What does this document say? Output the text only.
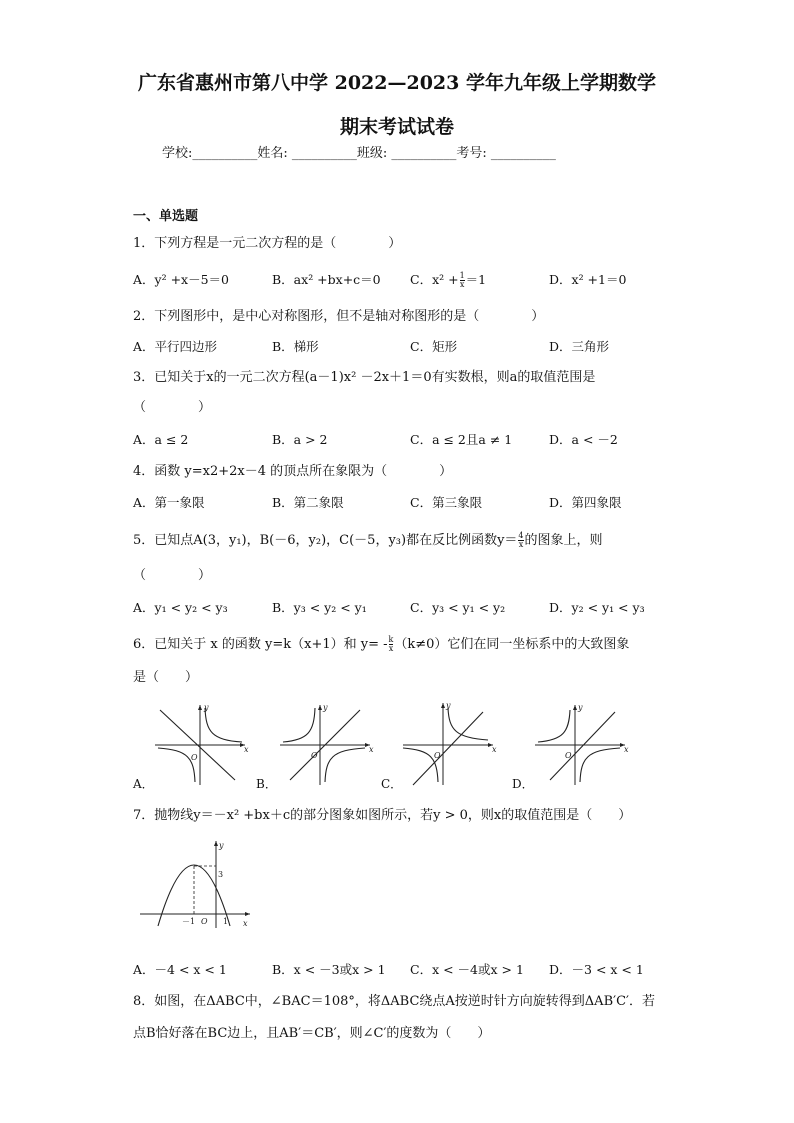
广东省惠州市第八中学 2022—2023 学年九年级上学期数学
期末考试试卷
学校:__________姓名: __________班级: __________考号: __________
一、单选题
1．下列方程是一元二次方程的是（　　　　）
A．y² +x－5＝0	B．ax² +bx+c＝0 C．$x^2 + \frac{1}{x} =1$	D．x² +1＝0
2．下列图形中，是中心对称图形，但不是轴对称图形的是（　　　　）
A．平行四边形	B．梯形	C．矩形	D．三角形
3．已知关于x的一元二次方程(a－1)x² －2x＋1＝0有实数根，则a的取值范围是
（　　　　）
A．a ≤ 2	B．a > 2	C．a ≤ 2且a ≠ 1	D．a < －2
4．函数 y=x2+2x－4 的顶点所在象限为（　　　　）
A．第一象限	B．第二象限	C．第三象限	D．第四象限
5．已知点A(3，y₁)，B(－6，y₂)，C(－5，y₃)都在反比例函数$y= \frac{4}{x}$ 的图象上，则
（　　　　）
A．y₁ < y₂ < y₃	B．y₃ < y₂ < y₁	C．y₃ < y₁ < y₂	D．y₂ < y₁ < y₃
6．已知关于 x 的函数 y=k（x+1）和 $y= - \frac{k}{x} (k\ne 0)$它们在同一坐标系中的大致图象
是（　　）
A．
O
y
x
B．
O
y
x
C．
O
y
x
D．
O
y
x
7．抛物线y＝－x² +bx＋c的部分图象如图所示，若y > 0，则x的取值范围是（　　）
y
3
－1 O 1 x
A．－4 < x < 1	B．x < －3或x > 1 C．x < －4或x > 1 D．－3 < x < 1
8．如图，在ΔABC中，∠BAC＝108°，将ΔABC绕点A按逆时针方向旋转得到ΔAB′C′．若
点B恰好落在BC边上，且AB′＝CB′，则∠C′的度数为（　　）
